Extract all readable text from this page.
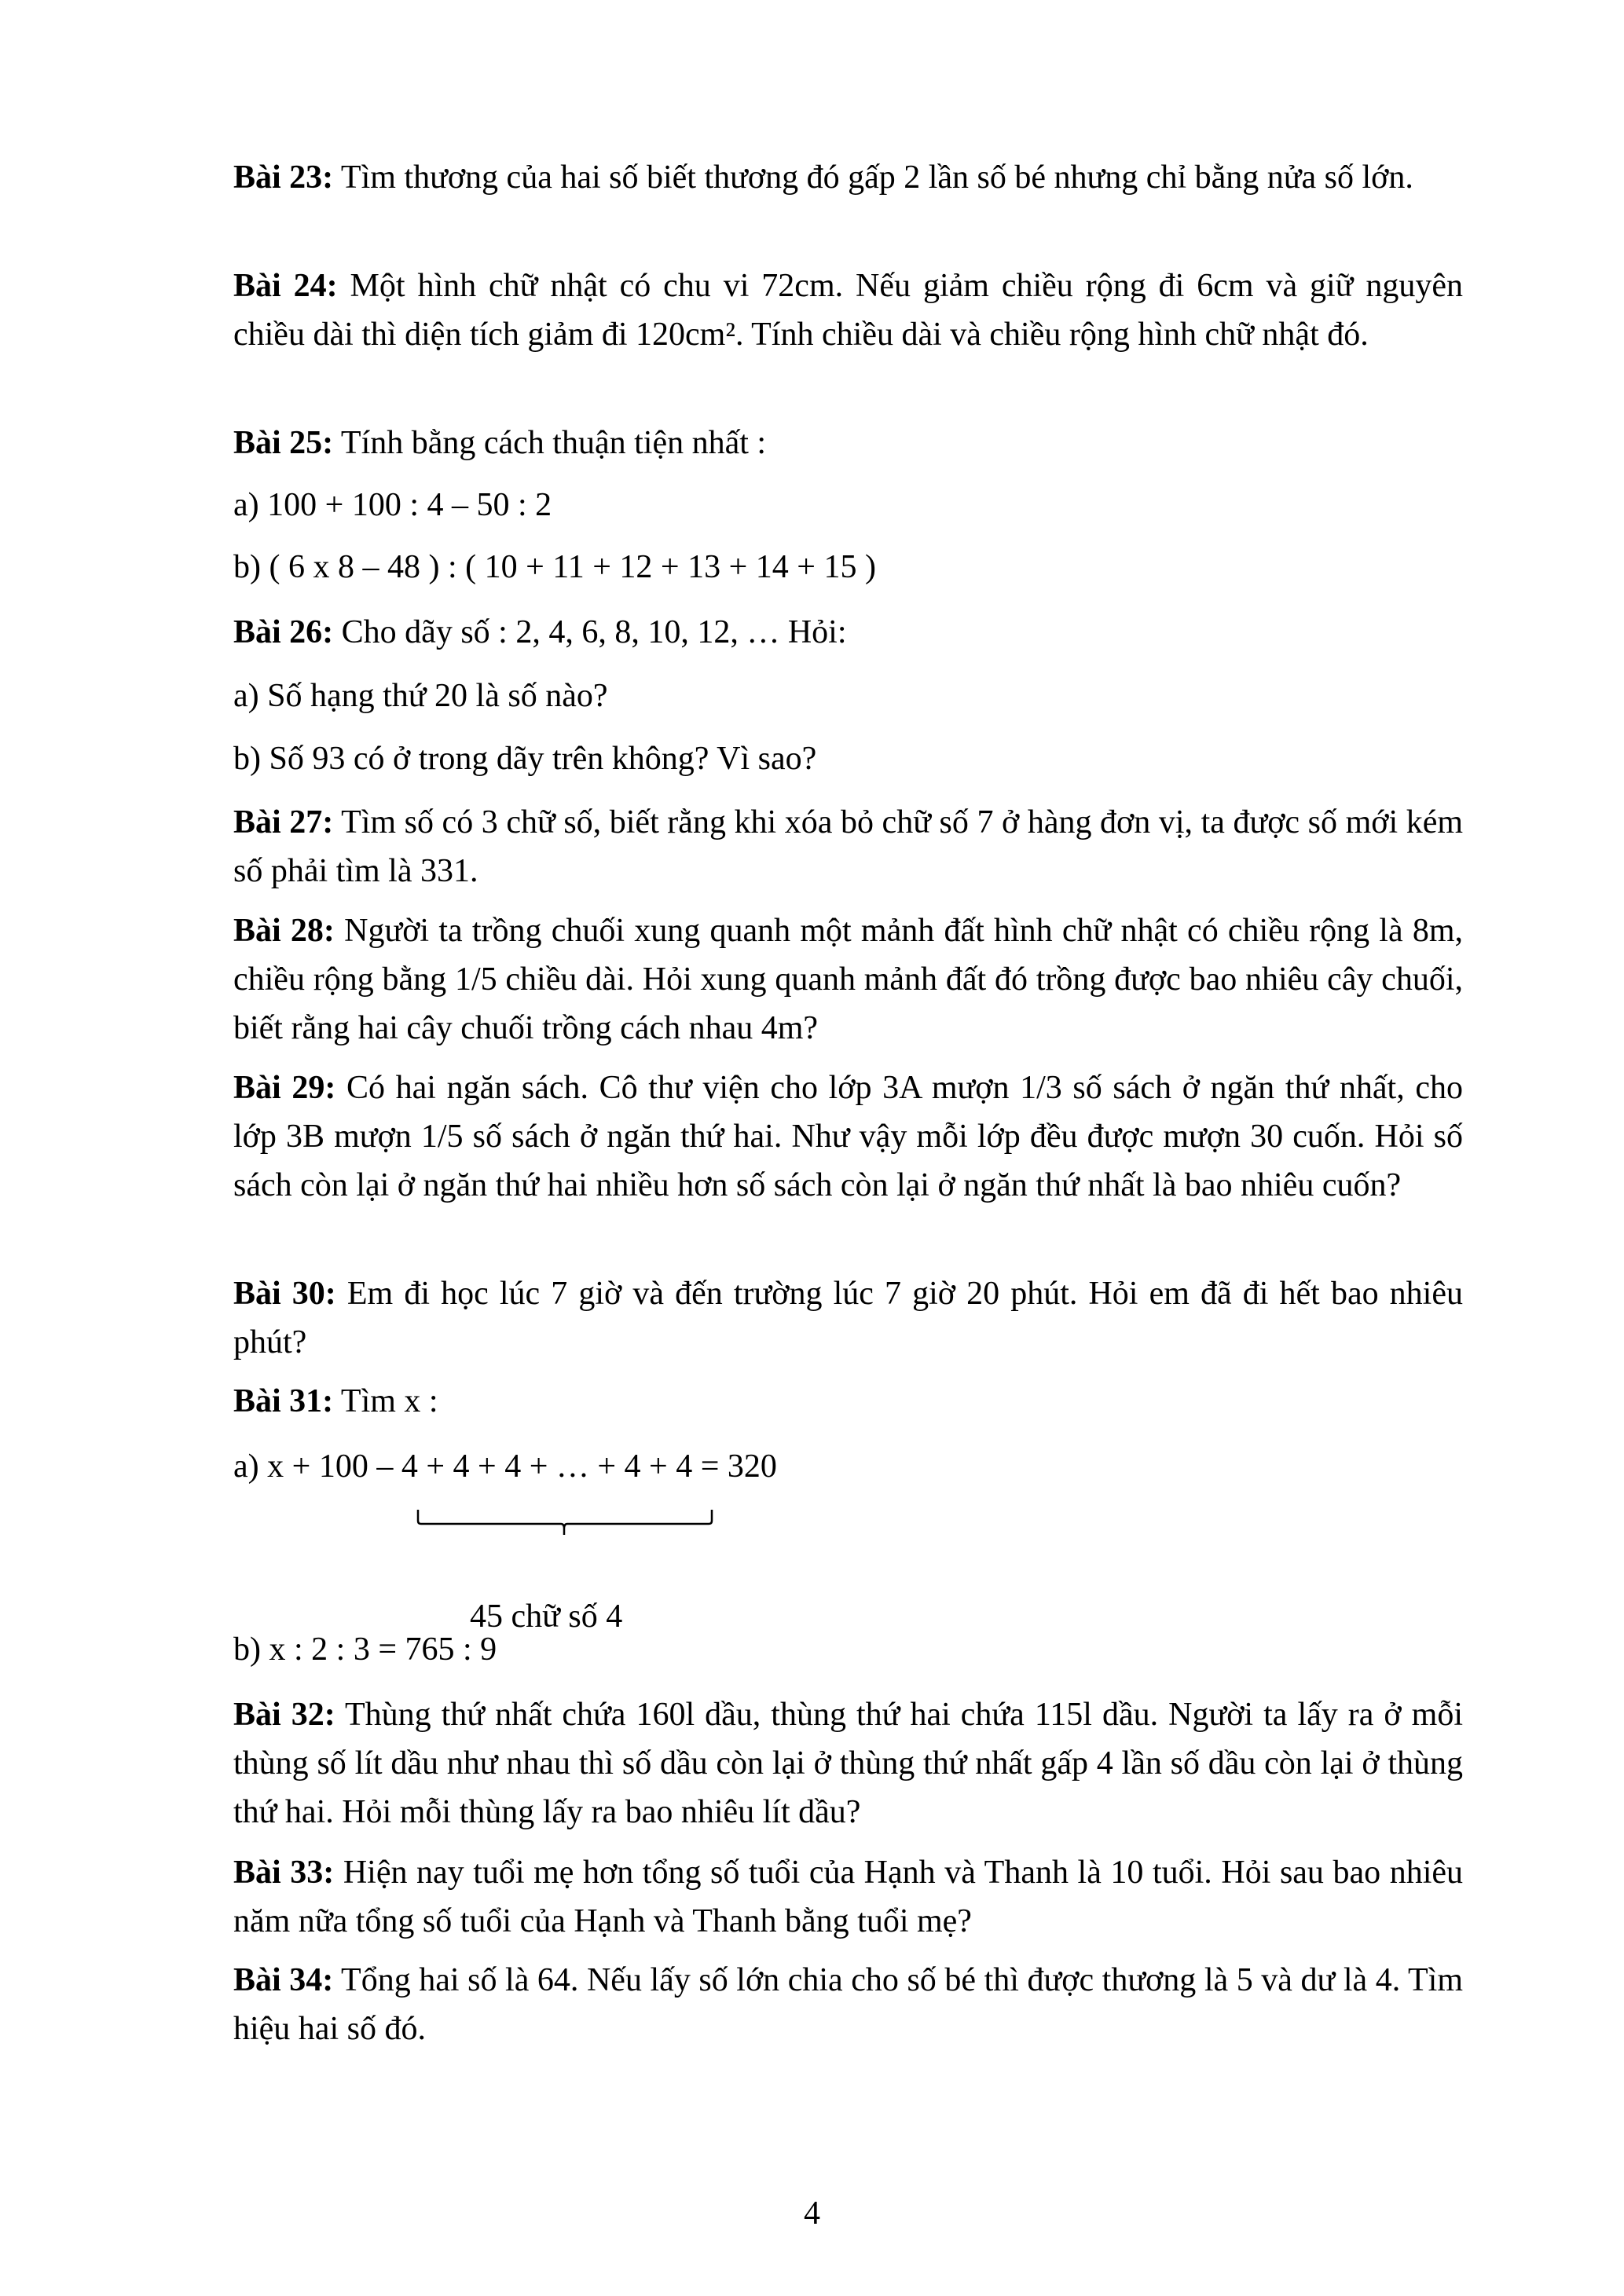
Bài 23: Tìm thương của hai số biết thương đó gấp 2 lần số bé nhưng chỉ bằng nửa số lớn.

Bài 24: Một hình chữ nhật có chu vi 72cm. Nếu giảm chiều rộng đi 6cm và giữ nguyên chiều dài thì diện tích giảm đi 120cm². Tính chiều dài và chiều rộng hình chữ nhật đó.

Bài 25: Tính bằng cách thuận tiện nhất :

a) 100 + 100 : 4 – 50 : 2

b) ( 6 x 8 – 48 ) : ( 10 + 11 + 12 + 13 + 14 + 15 )

Bài 26: Cho dãy số : 2, 4, 6, 8, 10, 12, … Hỏi:

a) Số hạng thứ 20 là số nào?

b) Số 93 có ở trong dãy trên không? Vì sao?

Bài 27: Tìm số có 3 chữ số, biết rằng khi xóa bỏ chữ số 7 ở hàng đơn vị, ta được số mới kém số phải tìm là 331.

Bài 28: Người ta trồng chuối xung quanh một mảnh đất hình chữ nhật có chiều rộng là 8m, chiều rộng bằng 1/5 chiều dài. Hỏi xung quanh mảnh đất đó trồng được bao nhiêu cây chuối, biết rằng hai cây chuối trồng cách nhau 4m?

Bài 29: Có hai ngăn sách. Cô thư viện cho lớp 3A mượn 1/3 số sách ở ngăn thứ nhất, cho lớp 3B mượn 1/5 số sách ở ngăn thứ hai. Như vậy mỗi lớp đều được mượn 30 cuốn. Hỏi số sách còn lại ở ngăn thứ hai nhiều hơn số sách còn lại ở ngăn thứ nhất là bao nhiêu cuốn?

Bài 30: Em đi học lúc 7 giờ và đến trường lúc 7 giờ 20 phút. Hỏi em đã đi hết bao nhiêu phút?

Bài 31: Tìm x :

a) x + 100 – 4 + 4 + 4 + … + 4 + 4 = 320

45 chữ số 4

b) x : 2 : 3 = 765 : 9

Bài 32: Thùng thứ nhất chứa 160l dầu, thùng thứ hai chứa 115l dầu. Người ta lấy ra ở mỗi thùng số lít dầu như nhau thì số dầu còn lại ở thùng thứ nhất gấp 4 lần số dầu còn lại ở thùng thứ hai. Hỏi mỗi thùng lấy ra bao nhiêu lít dầu?

Bài 33: Hiện nay tuổi mẹ hơn tổng số tuổi của Hạnh và Thanh là 10 tuổi. Hỏi sau bao nhiêu năm nữa tổng số tuổi của Hạnh và Thanh bằng tuổi mẹ?

Bài 34: Tổng hai số là 64. Nếu lấy số lớn chia cho số bé thì được thương là 5 và dư là 4. Tìm hiệu hai số đó.

4
